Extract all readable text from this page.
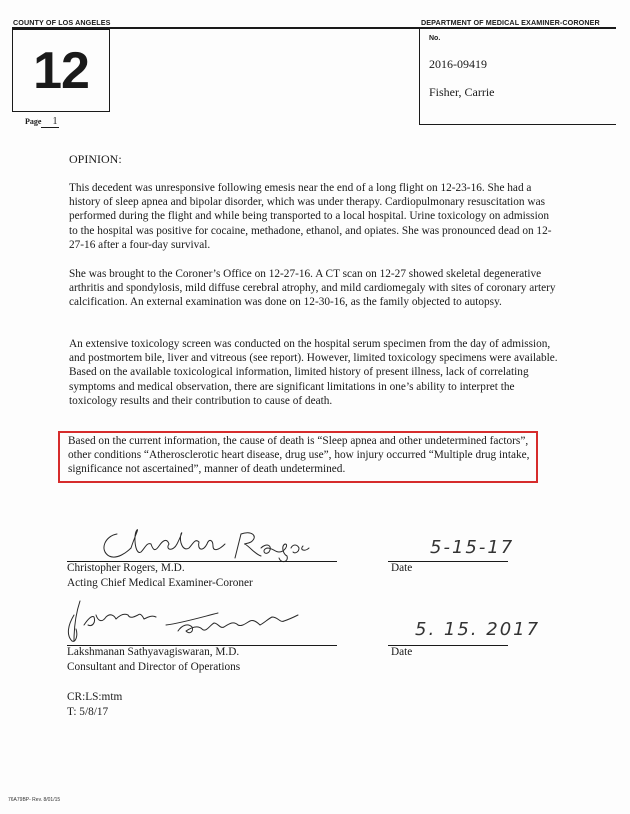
COUNTY OF LOS ANGELES	DEPARTMENT OF MEDICAL EXAMINER-CORONER
12
No.
2016-09419
Fisher, Carrie
Page 1
OPINION:

This decedent was unresponsive following emesis near the end of a long flight on 12-23-16. She had a history of sleep apnea and bipolar disorder, which was under therapy. Cardiopulmonary resuscitation was performed during the flight and while being transported to a local hospital. Urine toxicology on admission to the hospital was positive for cocaine, methadone, ethanol, and opiates. She was pronounced dead on 12-27-16 after a four-day survival.

She was brought to the Coroner’s Office on 12-27-16. A CT scan on 12-27 showed skeletal degenerative arthritis and spondylosis, mild diffuse cerebral atrophy, and mild cardiomegaly with sites of coronary artery calcification. An external examination was done on 12-30-16, as the family objected to autopsy.

An extensive toxicology screen was conducted on the hospital serum specimen from the day of admission, and postmortem bile, liver and vitreous (see report). However, limited toxicology specimens were available. Based on the available toxicological information, limited history of present illness, lack of correlating symptoms and medical observation, there are significant limitations in one’s ability to interpret the toxicology results and their contribution to cause of death.

Based on the current information, the cause of death is “Sleep apnea and other undetermined factors”, other conditions “Atherosclerotic heart disease, drug use”, how injury occurred “Multiple drug intake, significance not ascertained”, manner of death undetermined.

Christopher Rogers, M.D.
Acting Chief Medical Examiner-Coroner
5-15-17
Date
Lakshmanan Sathyavagiswaran, M.D.
Consultant and Director of Operations
5. 15. 2017
Date
CR:LS:mtm
T: 5/8/17
76A79BP- Rev. 8/01/15
